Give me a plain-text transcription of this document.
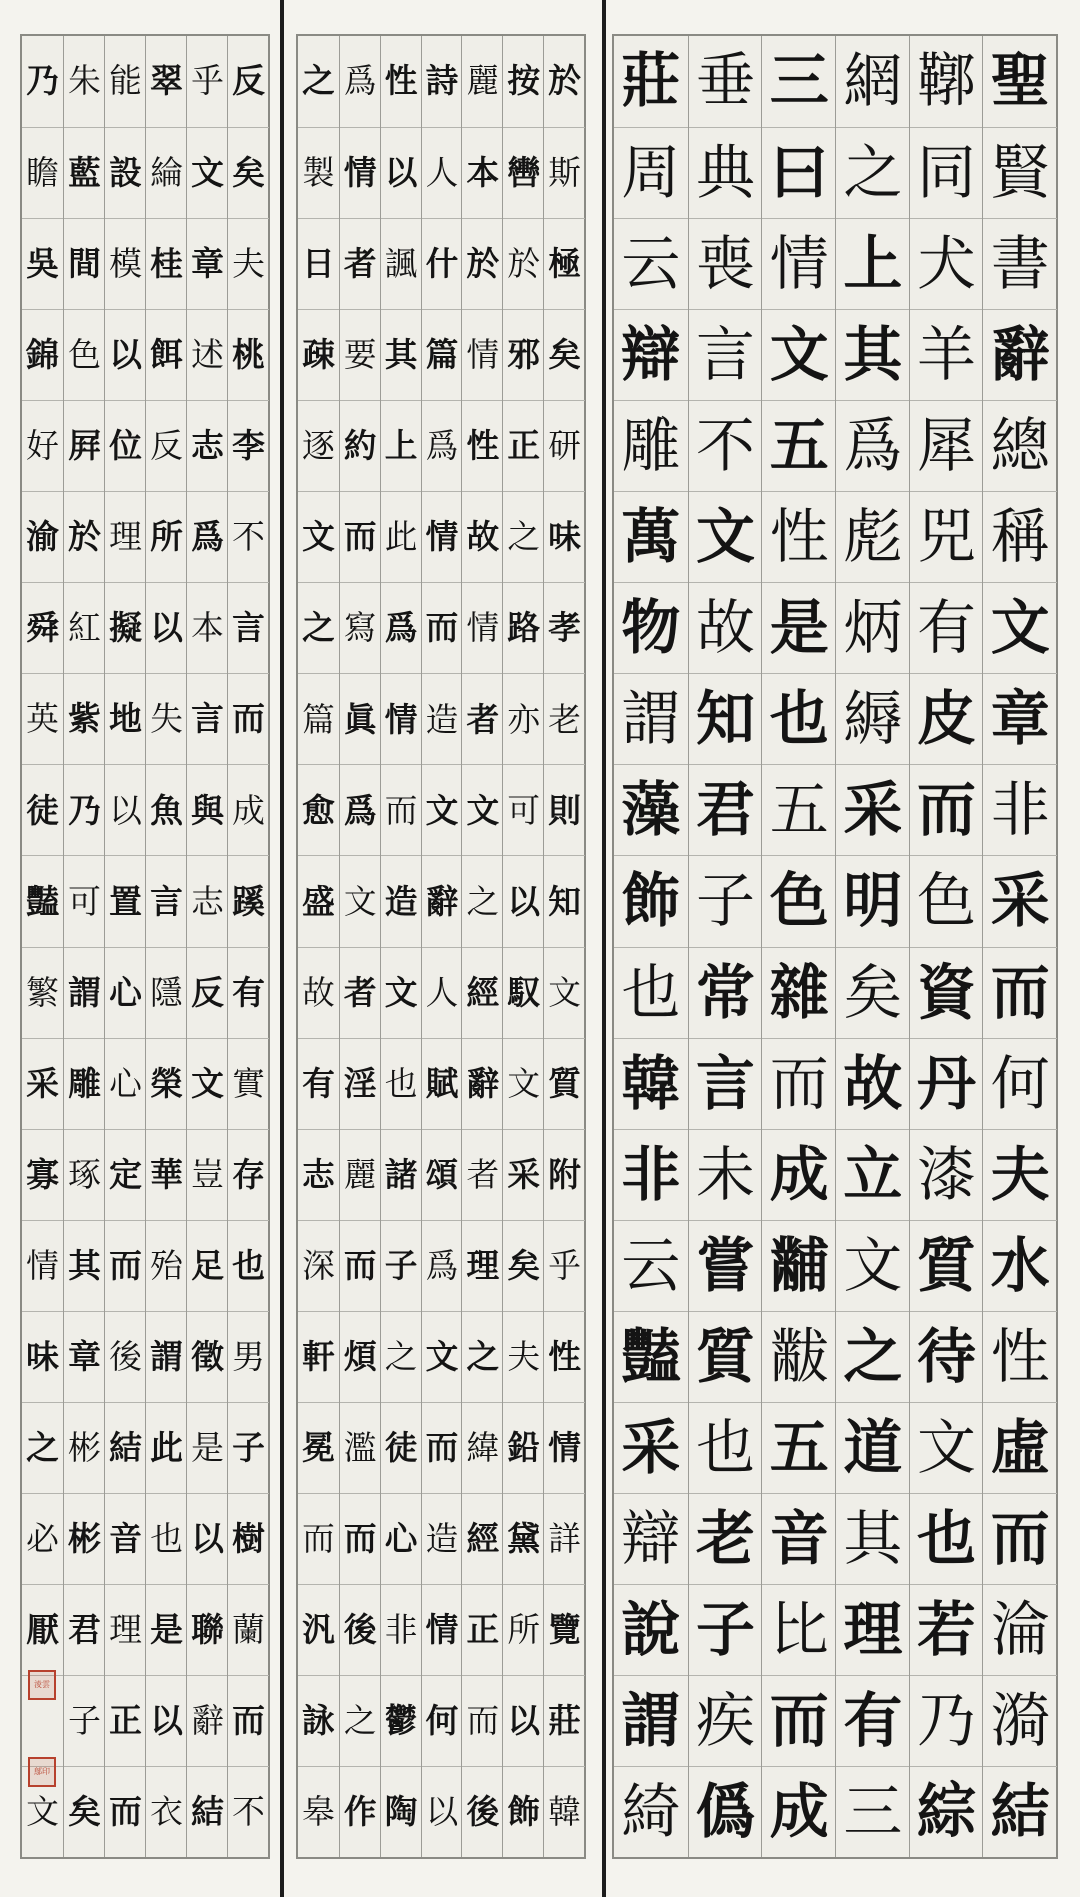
乃
瞻
吳
錦
好
渝
舜
英
徒
豔
繁
采
寡
情
味
之
必
厭

文
朱
藍
間
色
屛
於
紅
紫
乃
可
謂
雕
琢
其
章
彬
彬
君
子
矣
能
設
模
以
位
理
擬
地
以
置
心
心
定
而
後
結
音
理
正
而
翠
綸
桂
餌
反
所
以
失
魚
言
隱
榮
華
殆
謂
此
也
是
以
衣
乎
文
章
述
志
爲
本
言
與
志
反
文
豈
足
徵
是
以
聯
辭
結
反
矣
夫
桃
李
不
言
而
成
蹊
有
實
存
也
男
子
樹
蘭
而
不
淩雲
鄔印
之
製
日
疎
逐
文
之
篇
愈
盛
故
有
志
深
軒
冕
而
汎
詠
皋
爲
情
者
要
約
而
寫
眞
爲
文
者
淫
麗
而
煩
濫
而
後
之
作
性
以
諷
其
上
此
爲
情
而
造
文
也
諸
子
之
徒
心
非
鬱
陶
詩
人
什
篇
爲
情
而
造
文
辭
人
賦
頌
爲
文
而
造
情
何
以
麗
本
於
情
性
故
情
者
文
之
經
辭
者
理
之
緯
經
正
而
後
按
轡
於
邪
正
之
路
亦
可
以
馭
文
采
矣
夫
鉛
黛
所
以
飾
於
斯
極
矣
研
味
孝
老
則
知
文
質
附
乎
性
情
詳
覽
莊
韓
莊
周
云
辯
雕
萬
物
謂
藻
飾
也
韓
非
云
豔
采
辯
說
謂
綺
垂
典
喪
言
不
文
故
知
君
子
常
言
未
嘗
質
也
老
子
疾
僞
三
曰
情
文
五
性
是
也
五
色
雜
而
成
黼
黻
五
音
比
而
成
網
之
上
其
爲
彪
炳
縟
采
明
矣
故
立
文
之
道
其
理
有
三
鞹
同
犬
羊
犀
兕
有
皮
而
色
資
丹
漆
質
待
文
也
若
乃
綜
聖
賢
書
辭
總
稱
文
章
非
采
而
何
夫
水
性
虛
而
淪
漪
結
